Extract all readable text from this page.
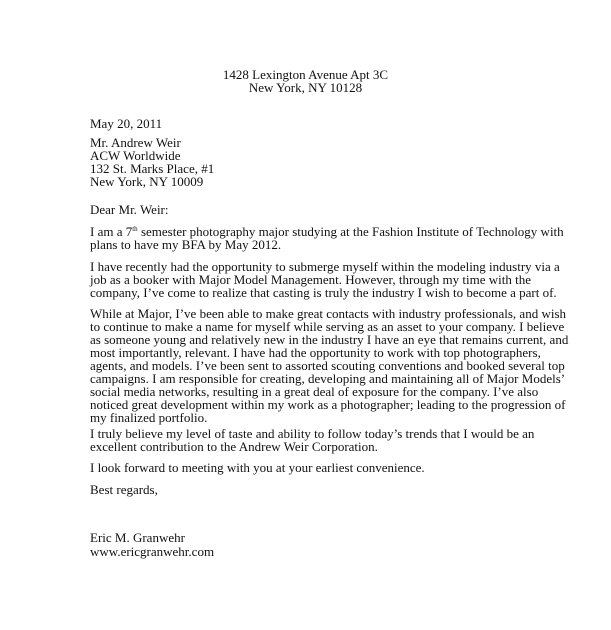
1428 Lexington Avenue Apt 3C
New York, NY 10128
May 20, 2011
Mr. Andrew Weir
ACW Worldwide
132 St. Marks Place, #1
New York, NY 10009
Dear Mr. Weir:
I am a 7th semester photography major studying at the Fashion Institute of Technology with
plans to have my BFA by May 2012.
I have recently had the opportunity to submerge myself within the modeling industry via a
job as a booker with Major Model Management. However, through my time with the
company, I’ve come to realize that casting is truly the industry I wish to become a part of.
While at Major, I’ve been able to make great contacts with industry professionals, and wish
to continue to make a name for myself while serving as an asset to your company. I believe
as someone young and relatively new in the industry I have an eye that remains current, and
most importantly, relevant. I have had the opportunity to work with top photographers,
agents, and models. I’ve been sent to assorted scouting conventions and booked several top
campaigns. I am responsible for creating, developing and maintaining all of Major Models’
social media networks, resulting in a great deal of exposure for the company. I’ve also
noticed great development within my work as a photographer; leading to the progression of
my finalized portfolio.
I truly believe my level of taste and ability to follow today’s trends that I would be an
excellent contribution to the Andrew Weir Corporation.
I look forward to meeting with you at your earliest convenience.
Best regards,
Eric M. Granwehr
www.ericgranwehr.com
